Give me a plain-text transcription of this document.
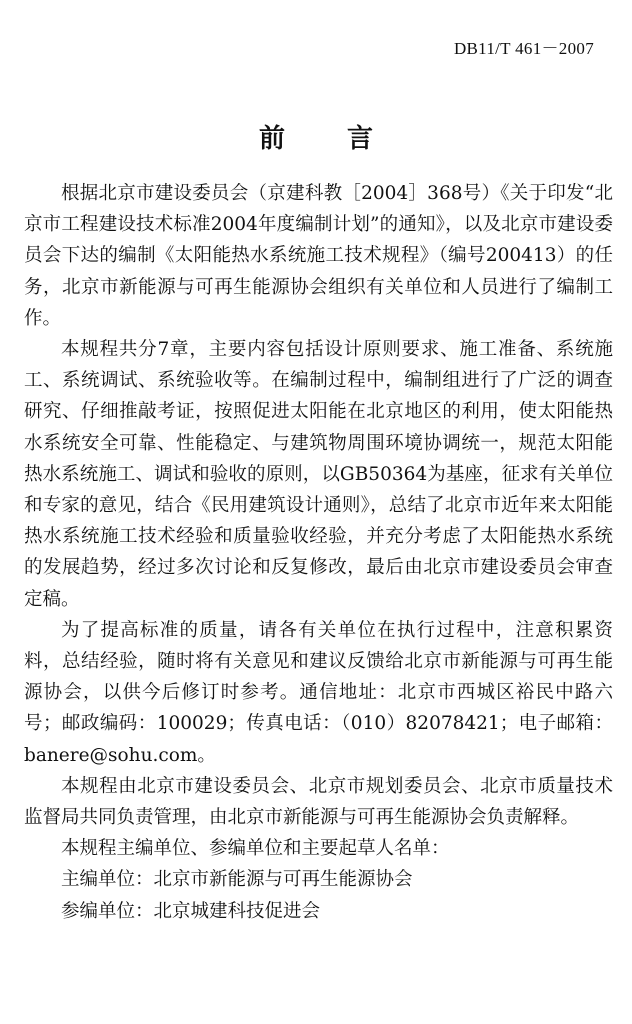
DB11/T 461－2007
前言

根据北京市建设委员会（京建科教［2004］368号）《关于印发“北京市工程建设技术标准2004年度编制计划”的通知》，以及北京市建设委员会下达的编制《太阳能热水系统施工技术规程》（编号200413）的任务，北京市新能源与可再生能源协会组织有关单位和人员进行了编制工作。

本规程共分7章，主要内容包括设计原则要求、施工准备、系统施工、系统调试、系统验收等。在编制过程中，编制组进行了广泛的调查研究、仔细推敲考证，按照促进太阳能在北京地区的利用，使太阳能热水系统安全可靠、性能稳定、与建筑物周围环境协调统一，规范太阳能热水系统施工、调试和验收的原则，以GB50364为基座，征求有关单位和专家的意见，结合《民用建筑设计通则》，总结了北京市近年来太阳能热水系统施工技术经验和质量验收经验，并充分考虑了太阳能热水系统的发展趋势，经过多次讨论和反复修改，最后由北京市建设委员会审查定稿。

为了提高标准的质量，请各有关单位在执行过程中，注意积累资料，总结经验，随时将有关意见和建议反馈给北京市新能源与可再生能源协会，以供今后修订时参考。通信地址：北京市西城区裕民中路六号；邮政编码：100029；传真电话：（010）82078421；电子邮箱：banere@sohu.com。

本规程由北京市建设委员会、北京市规划委员会、北京市质量技术监督局共同负责管理，由北京市新能源与可再生能源协会负责解释。

本规程主编单位、参编单位和主要起草人名单：
主编单位：北京市新能源与可再生能源协会
参编单位：北京城建科技促进会
